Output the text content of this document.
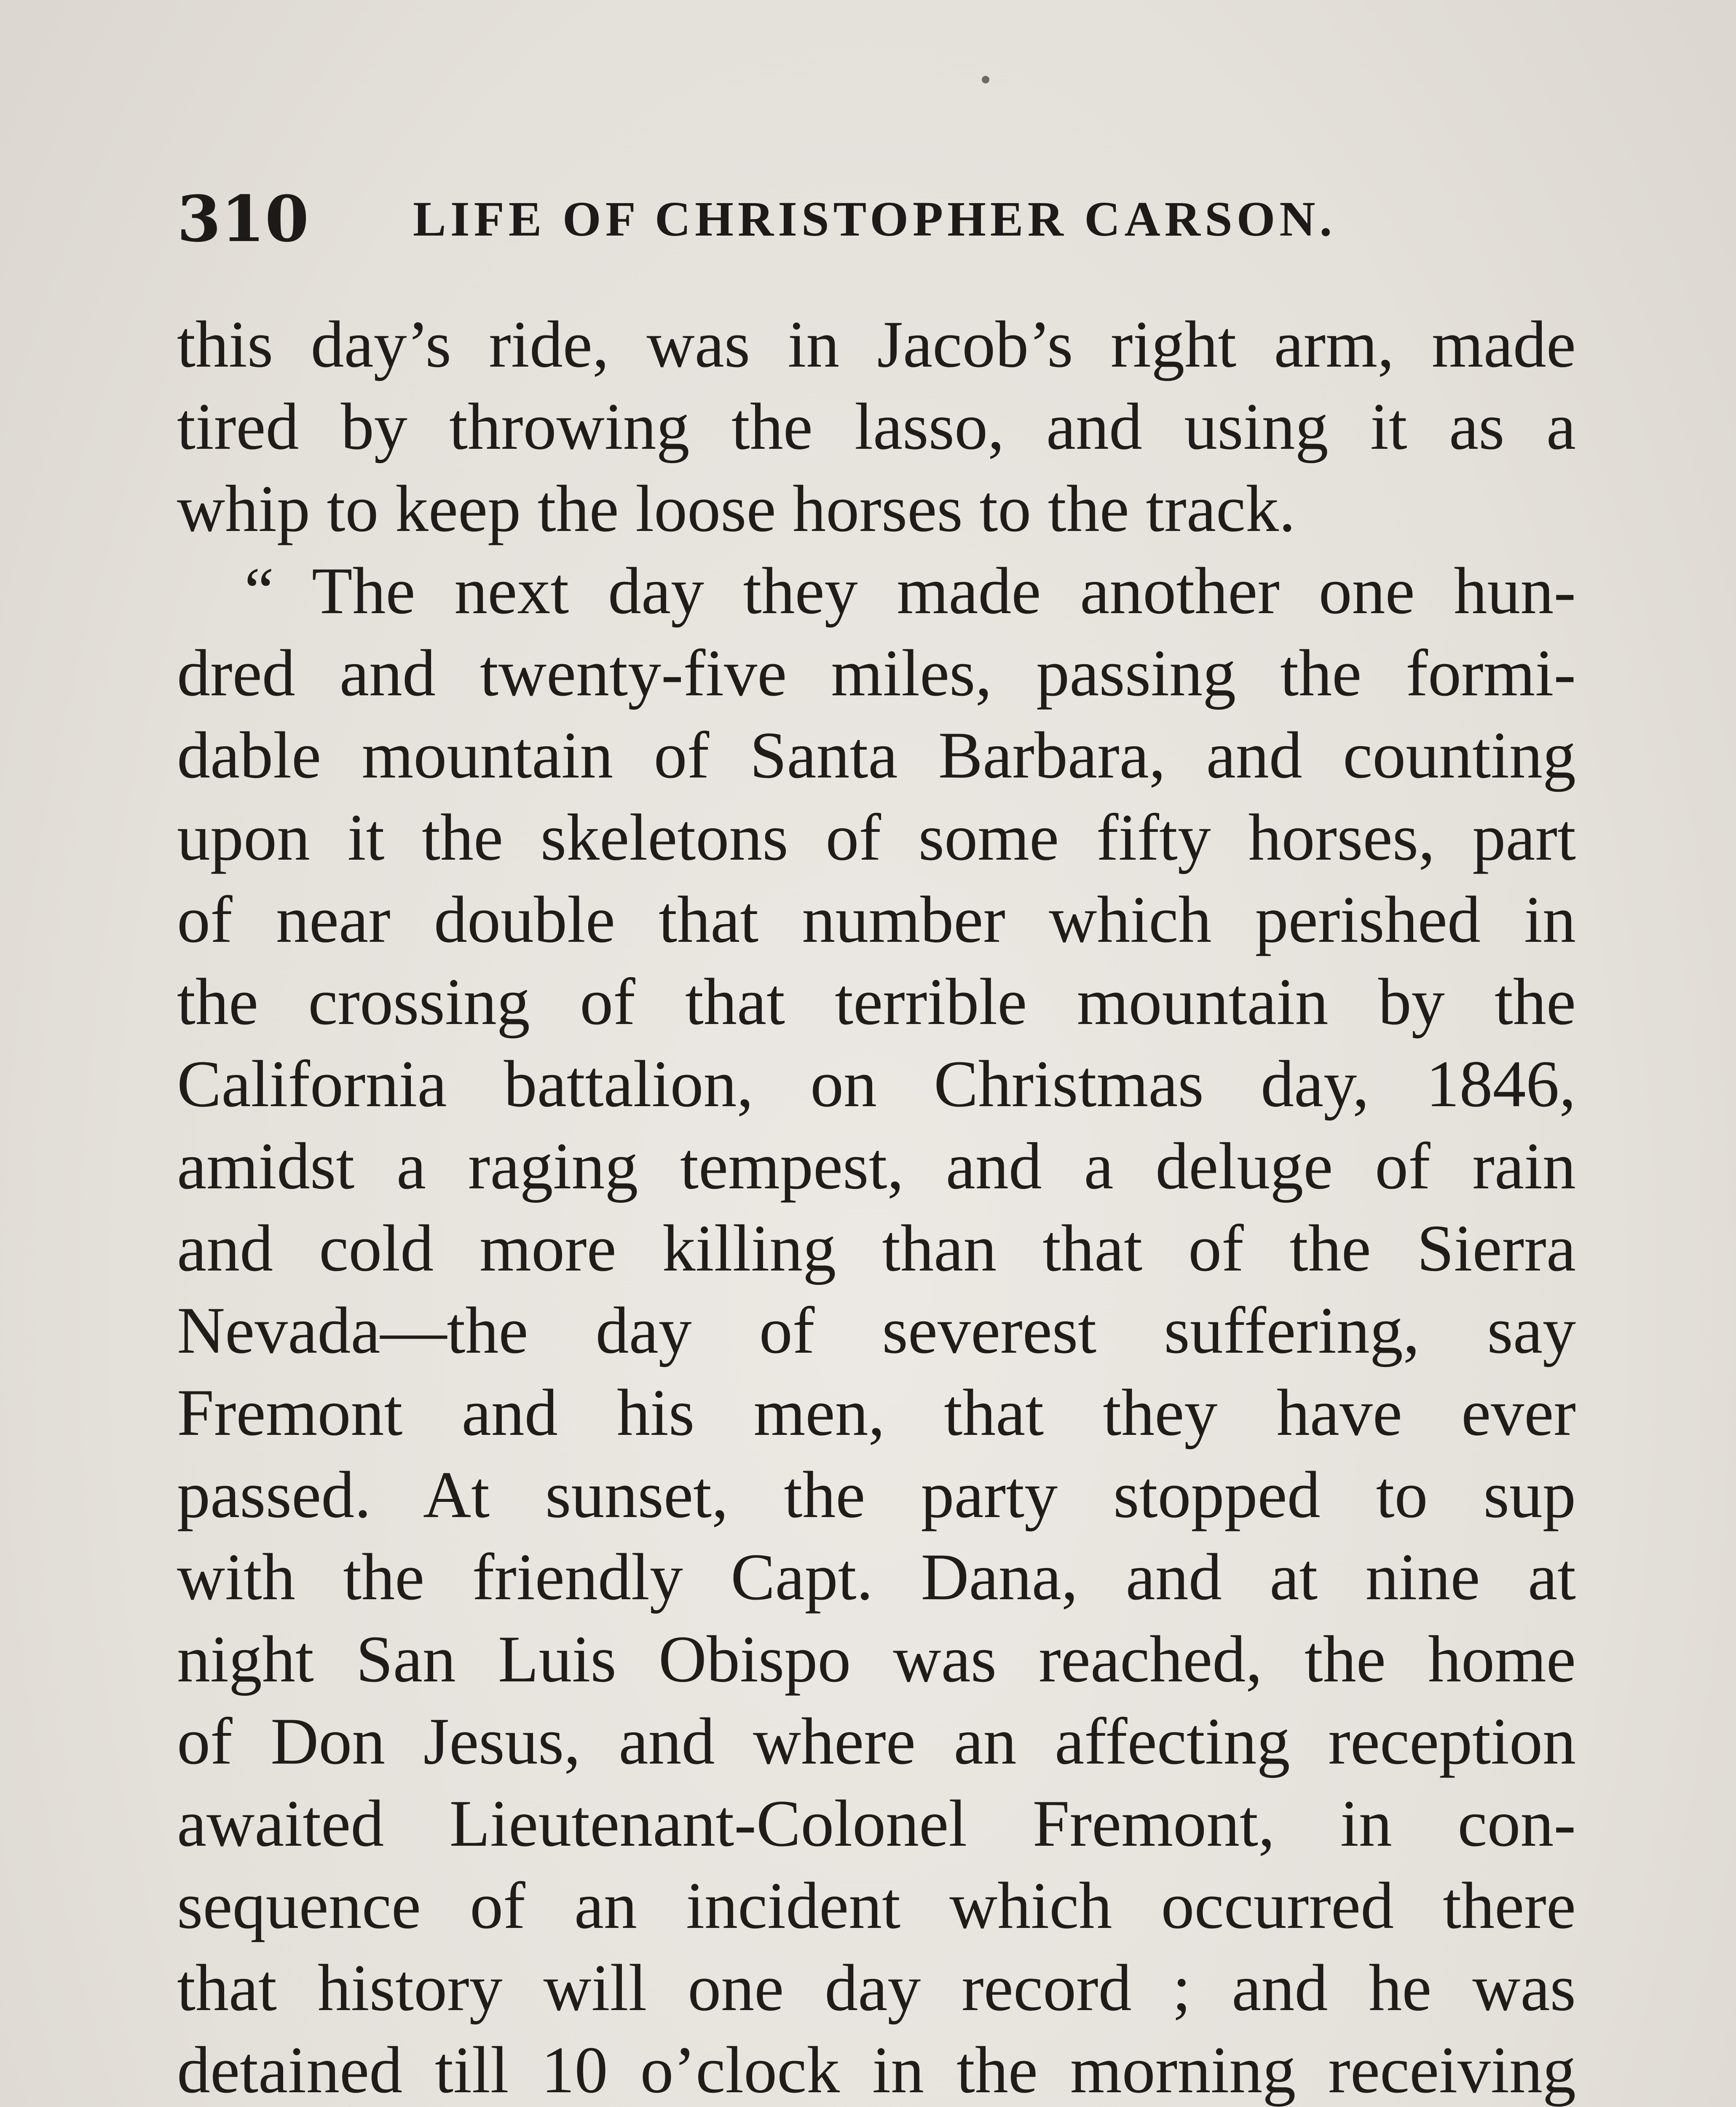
310 LIFE OF CHRISTOPHER CARSON.
this day’s ride, was in Jacob’s right arm, made
tired by throwing the lasso, and using it as a
whip to keep the loose horses to the track.
“ The next day they made another one hun-
dred and twenty-five miles, passing the formi-
dable mountain of Santa Barbara, and counting
upon it the skeletons of some fifty horses, part
of near double that number which perished in
the crossing of that terrible mountain by the
California battalion, on Christmas day, 1846,
amidst a raging tempest, and a deluge of rain
and cold more killing than that of the Sierra
Nevada—the day of severest suffering, say
Fremont and his men, that they have ever
passed. At sunset, the party stopped to sup
with the friendly Capt. Dana, and at nine at
night San Luis Obispo was reached, the home
of Don Jesus, and where an affecting reception
awaited Lieutenant-Colonel Fremont, in con-
sequence of an incident which occurred there
that history will one day record ; and he was
detained till 10 o’clock in the morning receiving
